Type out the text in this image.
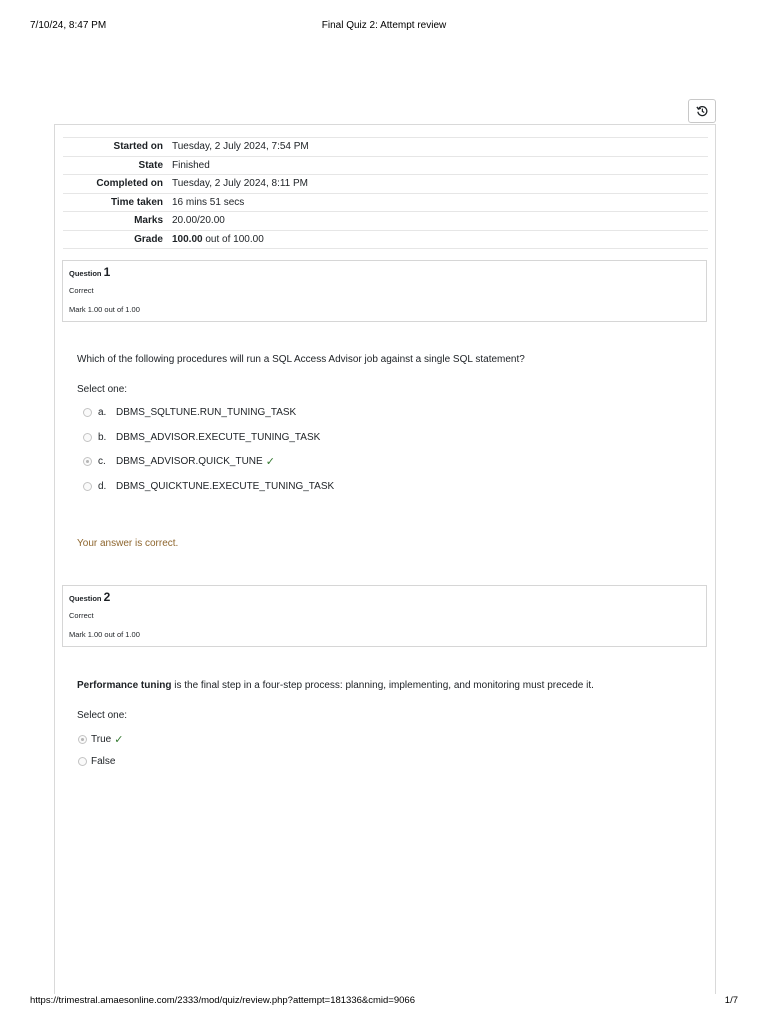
7/10/24, 8:47 PM	Final Quiz 2: Attempt review
Started on	Tuesday, 2 July 2024, 7:54 PM
State	Finished
Completed on	Tuesday, 2 July 2024, 8:11 PM
Time taken	16 mins 51 secs
Marks	20.00/20.00
Grade	100.00 out of 100.00
Question 1
Correct
Mark 1.00 out of 1.00
Which of the following procedures will run a SQL Access Advisor job against a single SQL statement?
Select one:
a. DBMS_SQLTUNE.RUN_TUNING_TASK
b. DBMS_ADVISOR.EXECUTE_TUNING_TASK
c.	DBMS_ADVISOR.QUICK_TUNE ✓
d. DBMS_QUICKTUNE.EXECUTE_TUNING_TASK
Your answer is correct.
Question 2
Correct
Mark 1.00 out of 1.00
Performance tuning is the final step in a four-step process: planning, implementing, and monitoring must precede it.
Select one:
True ✓
False
https://trimestral.amaesonline.com/2333/mod/quiz/review.php?attempt=181336&cmid=9066	1/7
